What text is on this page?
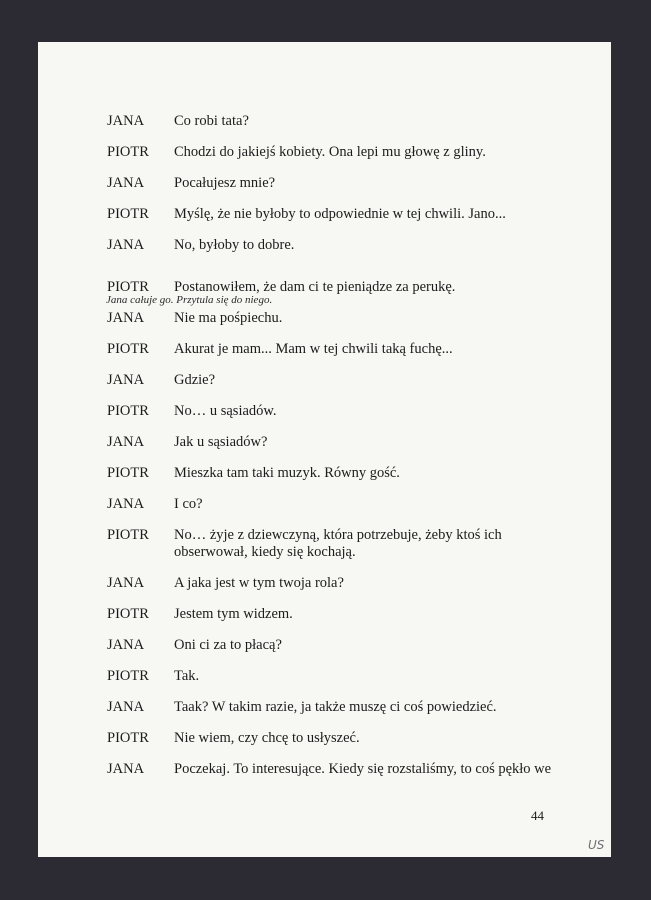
JANA Co robi tata?
PIOTR Chodzi do jakiejś kobiety. Ona lepi mu głowę z gliny.
JANA Pocałujesz mnie?
PIOTR Myślę, że nie byłoby to odpowiednie w tej chwili. Jano...
JANA No, byłoby to dobre.
Jana całuje go. Przytula się do niego.
PIOTR Postanowiłem, że dam ci te pieniądze za perukę.
JANA Nie ma pośpiechu.
PIOTR Akurat je mam... Mam w tej chwili taką fuchę...
JANA Gdzie?
PIOTR No… u sąsiadów.
JANA Jak u sąsiadów?
PIOTR Mieszka tam taki muzyk. Równy gość.
JANA I co?
PIOTR No… żyje z dziewczyną, która potrzebuje, żeby ktoś ich
obserwował, kiedy się kochają.
JANA A jaka jest w tym twoja rola?
PIOTR Jestem tym widzem.
JANA Oni ci za to płacą?
PIOTR Tak.
JANA Taak? W takim razie, ja także muszę ci coś powiedzieć.
PIOTR Nie wiem, czy chcę to usłyszeć.
JANA Poczekaj. To interesujące. Kiedy się rozstaliśmy, to coś pękło we
44
US
